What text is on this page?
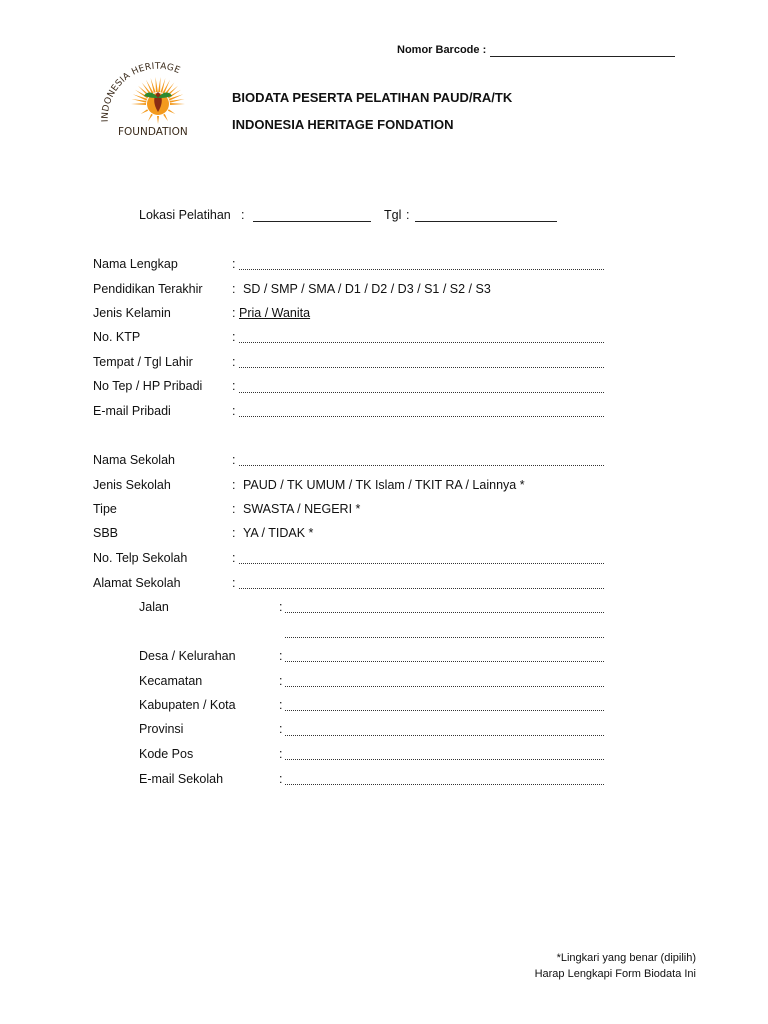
Nomor Barcode :
INDONESIA HERITAGE
FOUNDATION
BIODATA PESERTA PELATIHAN PAUD/RA/TK
INDONESIA HERITAGE FONDATION
Lokasi Pelatihan :	Tgl :
Nama Lengkap	:
Pendidikan Terakhir : SD / SMP / SMA / D1 / D2 / D3 / S1 / S2 / S3
Jenis Kelamin	: Pria / Wanita
No. KTP	:
Tempat / Tgl Lahir	:
No Tep / HP Pribadi :
E-mail Pribadi	:
Nama Sekolah	:
Jenis Sekolah	: PAUD / TK UMUM / TK Islam / TKIT RA / Lainnya *
Tipe	: SWASTA / NEGERI *
SBB	: YA / TIDAK *
No. Telp Sekolah	:
Alamat Sekolah	:
Jalan	:
Desa / Kelurahan	:
Kecamatan	:
Kabupaten / Kota	:
Provinsi	:
Kode Pos	:
E-mail Sekolah	:
*Lingkari yang benar (dipilih)
Harap Lengkapi Form Biodata Ini
